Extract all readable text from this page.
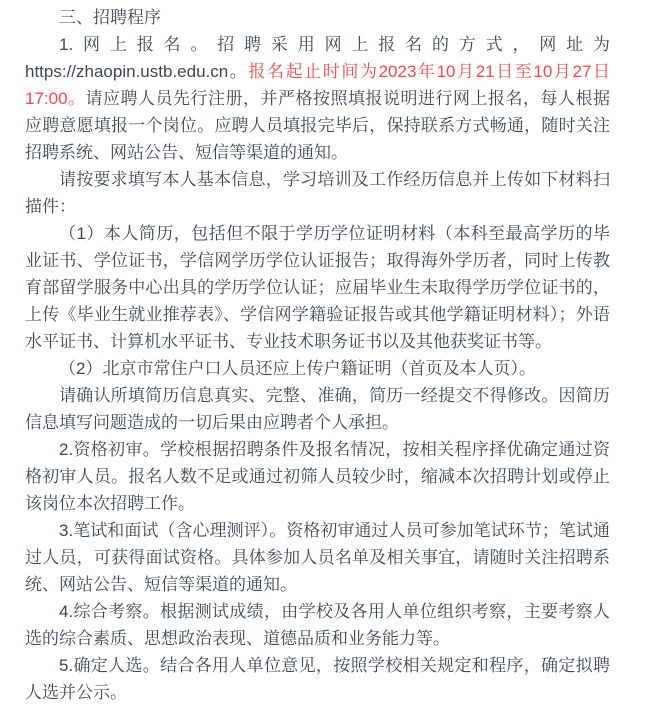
三、招聘程序

1.网上报名。招聘采用网上报名的方式，网址为https://zhaopin.ustb.edu.cn。报名起止时间为2023年10月21日至10月27日17:00。请应聘人员先行注册，并严格按照填报说明进行网上报名，每人根据应聘意愿填报一个岗位。应聘人员填报完毕后，保持联系方式畅通，随时关注招聘系统、网站公告、短信等渠道的通知。

请按要求填写本人基本信息，学习培训及工作经历信息并上传如下材料扫描件：

（1）本人简历，包括但不限于学历学位证明材料（本科至最高学历的毕业证书、学位证书，学信网学历学位认证报告；取得海外学历者，同时上传教育部留学服务中心出具的学历学位认证；应届毕业生未取得学历学位证书的，上传《毕业生就业推荐表》、学信网学籍验证报告或其他学籍证明材料）；外语水平证书、计算机水平证书、专业技术职务证书以及其他获奖证书等。

（2）北京市常住户口人员还应上传户籍证明（首页及本人页）。

请确认所填简历信息真实、完整、准确，简历一经提交不得修改。因简历信息填写问题造成的一切后果由应聘者个人承担。

2.资格初审。学校根据招聘条件及报名情况，按相关程序择优确定通过资格初审人员。报名人数不足或通过初筛人员较少时，缩减本次招聘计划或停止该岗位本次招聘工作。

3.笔试和面试（含心理测评）。资格初审通过人员可参加笔试环节；笔试通过人员，可获得面试资格。具体参加人员名单及相关事宜，请随时关注招聘系统、网站公告、短信等渠道的通知。

4.综合考察。根据测试成绩，由学校及各用人单位组织考察，主要考察人选的综合素质、思想政治表现、道德品质和业务能力等。

5.确定人选。结合各用人单位意见，按照学校相关规定和程序，确定拟聘人选并公示。
